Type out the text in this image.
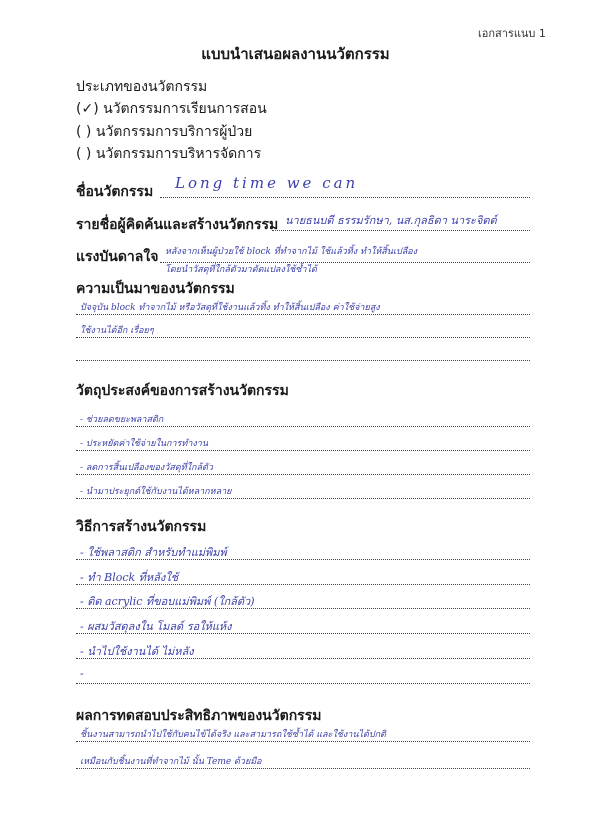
เอกสารแนบ 1
แบบนำเสนอผลงานนวัตกรรม
ประเภทของนวัตกรรม
(✓) นวัตกรรมการเรียนการสอน
( ) นวัตกรรมการบริการผู้ป่วย
( ) นวัตกรรมการบริหารจัดการ
ชื่อนวัตกรรม Long time we can
รายชื่อผู้คิดค้นและสร้างนวัตกรรม นายธนบดี ธรรมรักษา, นส.กุลธิดา นาระจิตต์
แรงบันดาลใจ หลังจากเห็นผู้ป่วยใช้ block ที่ทำจากไม้ ใช้แล้วทิ้ง ทำให้สิ้นเปลือง
โดยนำวัสดุที่ใกล้ตัวมาดัดแปลงใช้ซ้ำได้
ความเป็นมาของนวัตกรรม
ปัจจุบัน block ทำจากไม้ หรือวัสดุที่ใช้งานแล้วทิ้ง ทำให้สิ้นเปลือง ค่าใช้จ่ายสูง
ใช้งานได้อีก เรื่อยๆ
วัตถุประสงค์ของการสร้างนวัตกรรม
- ช่วยลดขยะพลาสติก
- ประหยัดค่าใช้จ่ายในการทำงาน
- ลดการสิ้นเปลืองของวัสดุที่ใกล้ตัว
- นำมาประยุกต์ใช้กับงานได้หลากหลาย
วิธีการสร้างนวัตกรรม
- ใช้พลาสติก สำหรับทำแม่พิมพ์
- ทำ Block ที่หลังใช้
- ติด acrylic ที่ขอบแม่พิมพ์ (ใกล้ตัว)
- ผสมวัสดุลงใน โมลด์ รอให้แห้ง
- นำไปใช้งานได้ ไม่หลัง
-
ผลการทดสอบประสิทธิภาพของนวัตกรรม
ชิ้นงานสามารถนำไปใช้กับคนไข้ได้จริง และสามารถใช้ซ้ำได้ และใช้งานได้ปกติ
เหมือนกับชิ้นงานที่ทำจากไม้ นั้น Teme ด้วยมือ
